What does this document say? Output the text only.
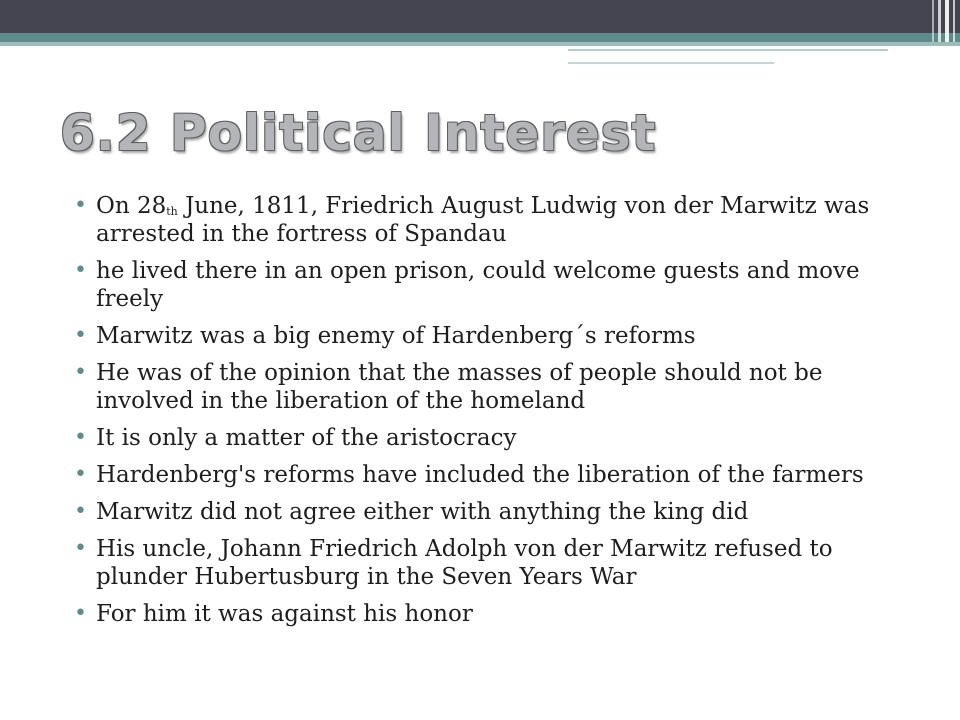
6.2 Political Interest
• On $28_{th}$ June, 1811, Friedrich August Ludwig von der Marwitz was arrested in the fortress of Spandau
• he lived there in an open prison, could welcome guests and move freely
• Marwitz was a big enemy of Hardenberg´s reforms
• He was of the opinion that the masses of people should not be involved in the liberation of the homeland
• It is only a matter of the aristocracy
• Hardenberg's reforms have included the liberation of the farmers
• Marwitz did not agree either with anything the king did
• His uncle, Johann Friedrich Adolph von der Marwitz refused to plunder Hubertusburg in the Seven Years War
• For him it was against his honor
